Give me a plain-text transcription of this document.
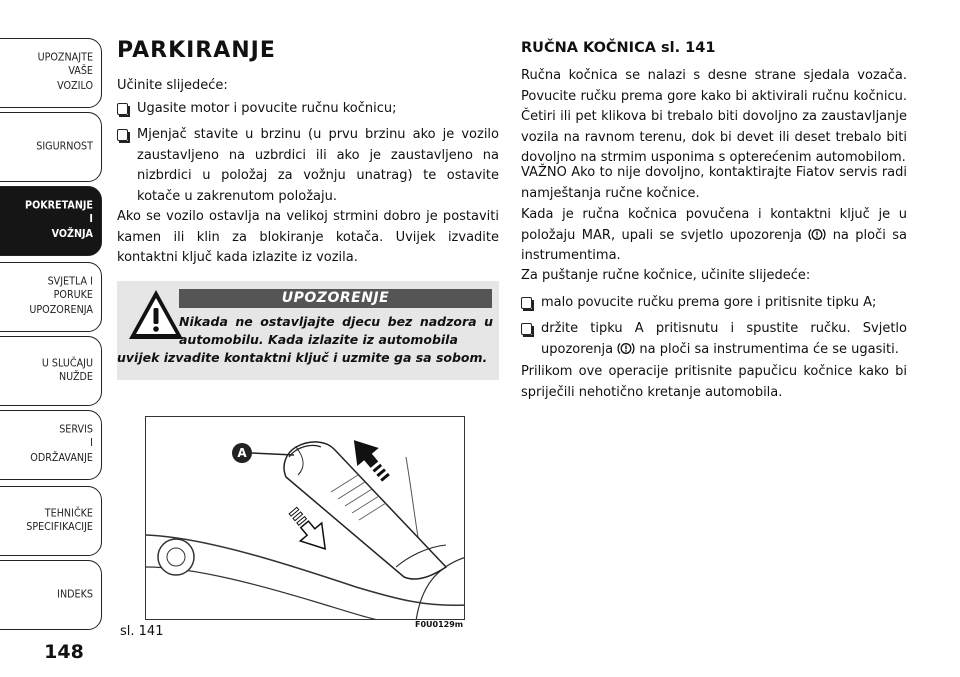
UPOZNAJTE
VAŠE
VOZILO
SIGURNOST
POKRETANJE
I
VOŽNJA
SVJETLA I
PORUKE
UPOZORENJA
U SLUČAJU
NUŽDE
SERVIS
I
ODRŽAVANJE
TEHNIČKE
SPECIFIKACIJE
INDEKS
148
PARKIRANJE
Učinite slijedeće:
Ugasite motor i povucite ručnu kočnicu;
Mjenjač stavite u brzinu (u prvu brzinu ako je vozilo zaustavljeno na uzbrdici ili ako je zaustavljeno na nizbrdici u položaj za vožnju unatrag) te ostavite kotače u zakrenutom položaju.
Ako se vozilo ostavlja na velikoj strmini dobro je postaviti kamen ili klin za blokiranje kotača. Uvijek izvadite kontaktni ključ kada izlazite iz vozila.
UPOZORENJE
Nikada ne ostavljajte djecu bez nadzora u automobilu. Kada izlazite iz automobila
uvijek izvadite kontaktni ključ i uzmite ga sa sobom.
A
sl. 141	F0U0129m
RUČNA KOČNICA sl. 141
Ručna kočnica se nalazi s desne strane sjedala vozača. Povucite ručku prema gore kako bi aktivirali ručnu kočnicu. Četiri ili pet klikova bi trebalo biti dovoljno za zaustavljanje vozila na ravnom terenu, dok bi devet ili deset trebalo biti dovoljno na strmim usponima s opterećenim automobilom.
VAŽNO Ako to nije dovoljno, kontaktirajte Fiatov servis radi namještanja ručne kočnice.
Kada je ručna kočnica povučena i kontaktni ključ je u položaju MAR, upali se svjetlo upozorenja na ploči sa instrumentima.
Za puštanje ručne kočnice, učinite slijedeće:
malo povucite ručku prema gore i pritisnite tipku A;
držite tipku A pritisnutu i spustite ručku. Svjetlo upozorenja na ploči sa instrumentima će se ugasiti.
Prilikom ove operacije pritisnite papučicu kočnice kako bi spriječili nehotično kretanje automobila.
